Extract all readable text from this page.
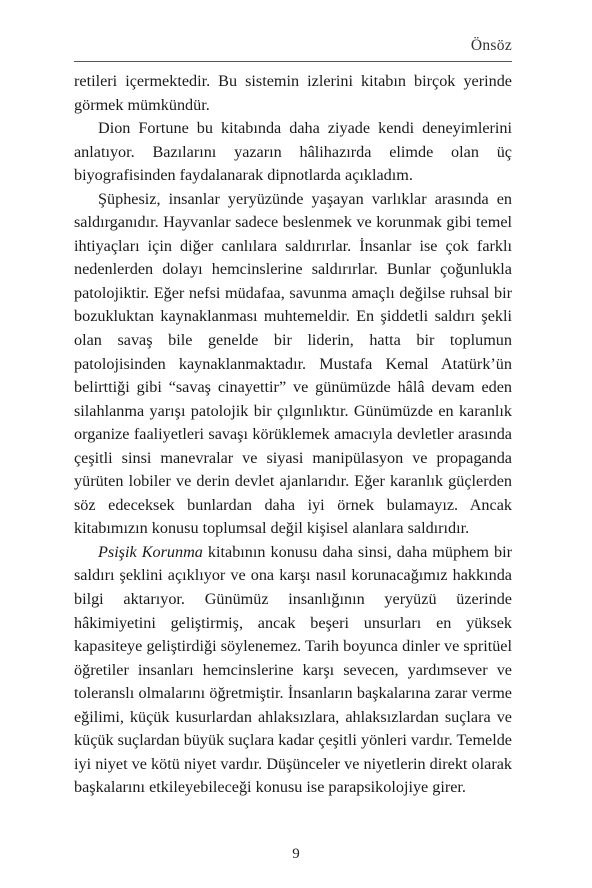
Önsöz

retileri içermektedir. Bu sistemin izlerini kitabın birçok yerinde görmek mümkündür.

Dion Fortune bu kitabında daha ziyade kendi deneyimlerini anlatıyor. Bazılarını yazarın hâlihazırda elimde olan üç biyografisinden faydalanarak dipnotlarda açıkladım.

Şüphesiz, insanlar yeryüzünde yaşayan varlıklar arasında en saldırganıdır. Hayvanlar sadece beslenmek ve korunmak gibi temel ihtiyaçları için diğer canlılara saldırırlar. İnsanlar ise çok farklı nedenlerden dolayı hemcinslerine saldırırlar. Bunlar çoğunlukla patolojiktir. Eğer nefsi müdafaa, savunma amaçlı değilse ruhsal bir bozukluktan kaynaklanması muhtemeldir. En şiddetli saldırı şekli olan savaş bile genelde bir liderin, hatta bir toplumun patolojisinden kaynaklanmaktadır. Mustafa Kemal Atatürk’ün belirttiği gibi “savaş cinayettir” ve günümüzde hâlâ devam eden silahlanma yarışı patolojik bir çılgınlıktır. Günümüzde en karanlık organize faaliyetleri savaşı körüklemek amacıyla devletler arasında çeşitli sinsi manevralar ve siyasi manipülasyon ve propaganda yürüten lobiler ve derin devlet ajanlarıdır. Eğer karanlık güçlerden söz edeceksek bunlardan daha iyi örnek bulamayız. Ancak kitabımızın konusu toplumsal değil kişisel alanlara saldırıdır.

Psişik Korunma kitabının konusu daha sinsi, daha müphem bir saldırı şeklini açıklıyor ve ona karşı nasıl korunacağımız hakkında bilgi aktarıyor. Günümüz insanlığının yeryüzü üzerinde hâkimiyetini geliştirmiş, ancak beşeri unsurları en yüksek kapasiteye geliştirdiği söylenemez. Tarih boyunca dinler ve spritüel öğretiler insanları hemcinslerine karşı sevecen, yardımsever ve toleranslı olmalarını öğretmiştir. İnsanların başkalarına zarar verme eğilimi, küçük kusurlardan ahlaksızlara, ahlaksızlardan suçlara ve küçük suçlardan büyük suçlara kadar çeşitli yönleri vardır. Temelde iyi niyet ve kötü niyet vardır. Düşünceler ve niyetlerin direkt olarak başkalarını etkileyebileceği konusu ise parapsikolojiye girer.

9
